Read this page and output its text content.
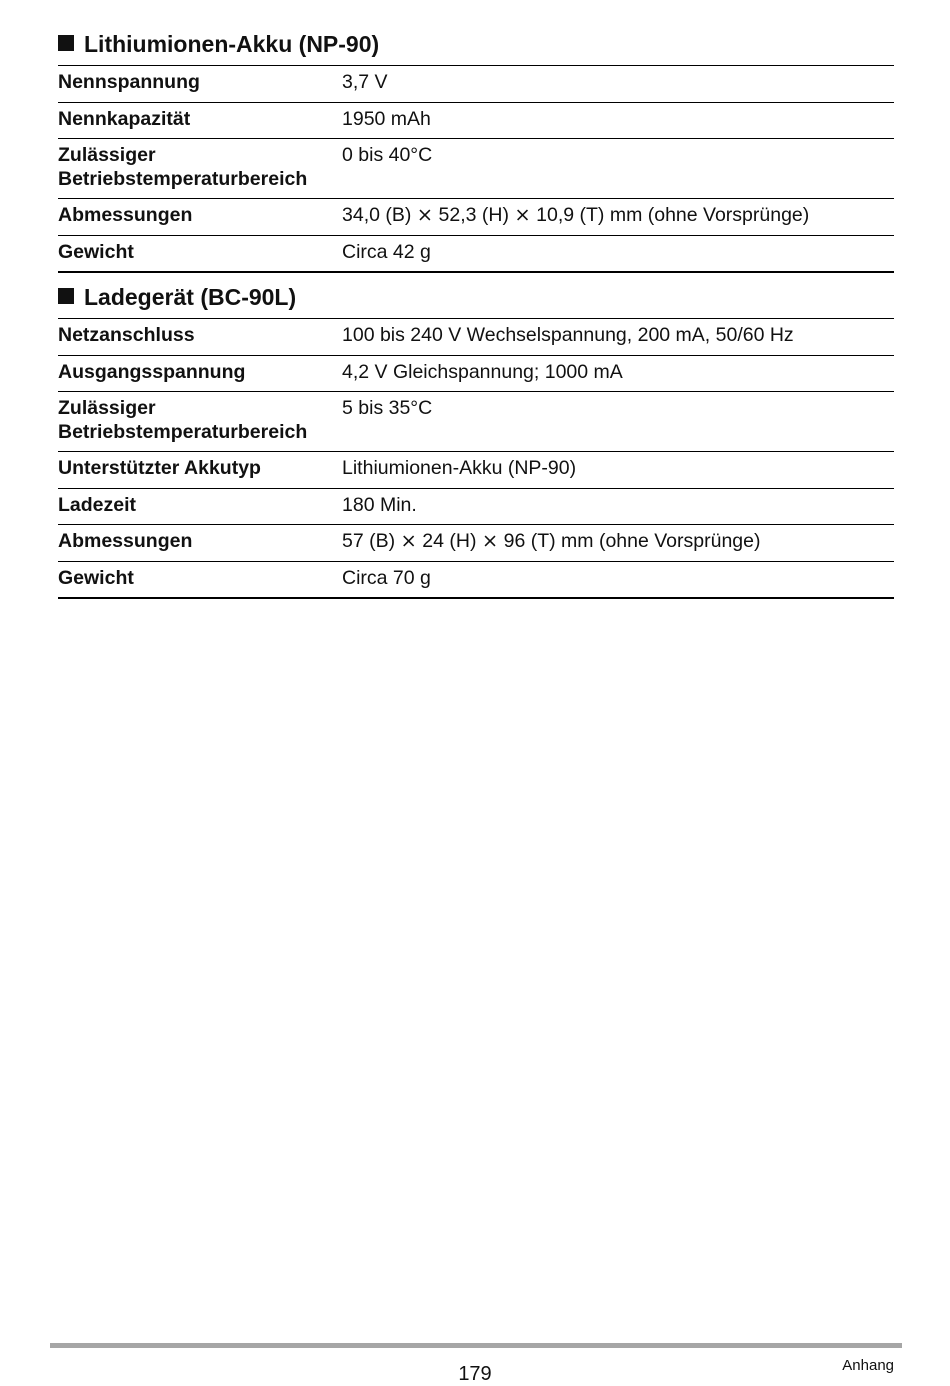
Lithiumionen-Akku (NP-90)
Nennspannung	3,7 V
Nennkapazität	1950 mAh
Zulässiger Betriebstemperaturbereich	0 bis 40°C
Abmessungen	34,0 (B) ⨯ 52,3 (H) ⨯ 10,9 (T) mm (ohne Vorsprünge)
Gewicht	Circa 42 g
Ladegerät (BC-90L)
Netzanschluss	100 bis 240 V Wechselspannung, 200 mA, 50/60 Hz
Ausgangsspannung	4,2 V Gleichspannung; 1000 mA
Zulässiger Betriebstemperaturbereich	5 bis 35°C
Unterstützter Akkutyp	Lithiumionen-Akku (NP-90)
Ladezeit	180 Min.
Abmessungen	57 (B) ⨯ 24 (H) ⨯ 96 (T) mm (ohne Vorsprünge)
Gewicht	Circa 70 g
179	Anhang
